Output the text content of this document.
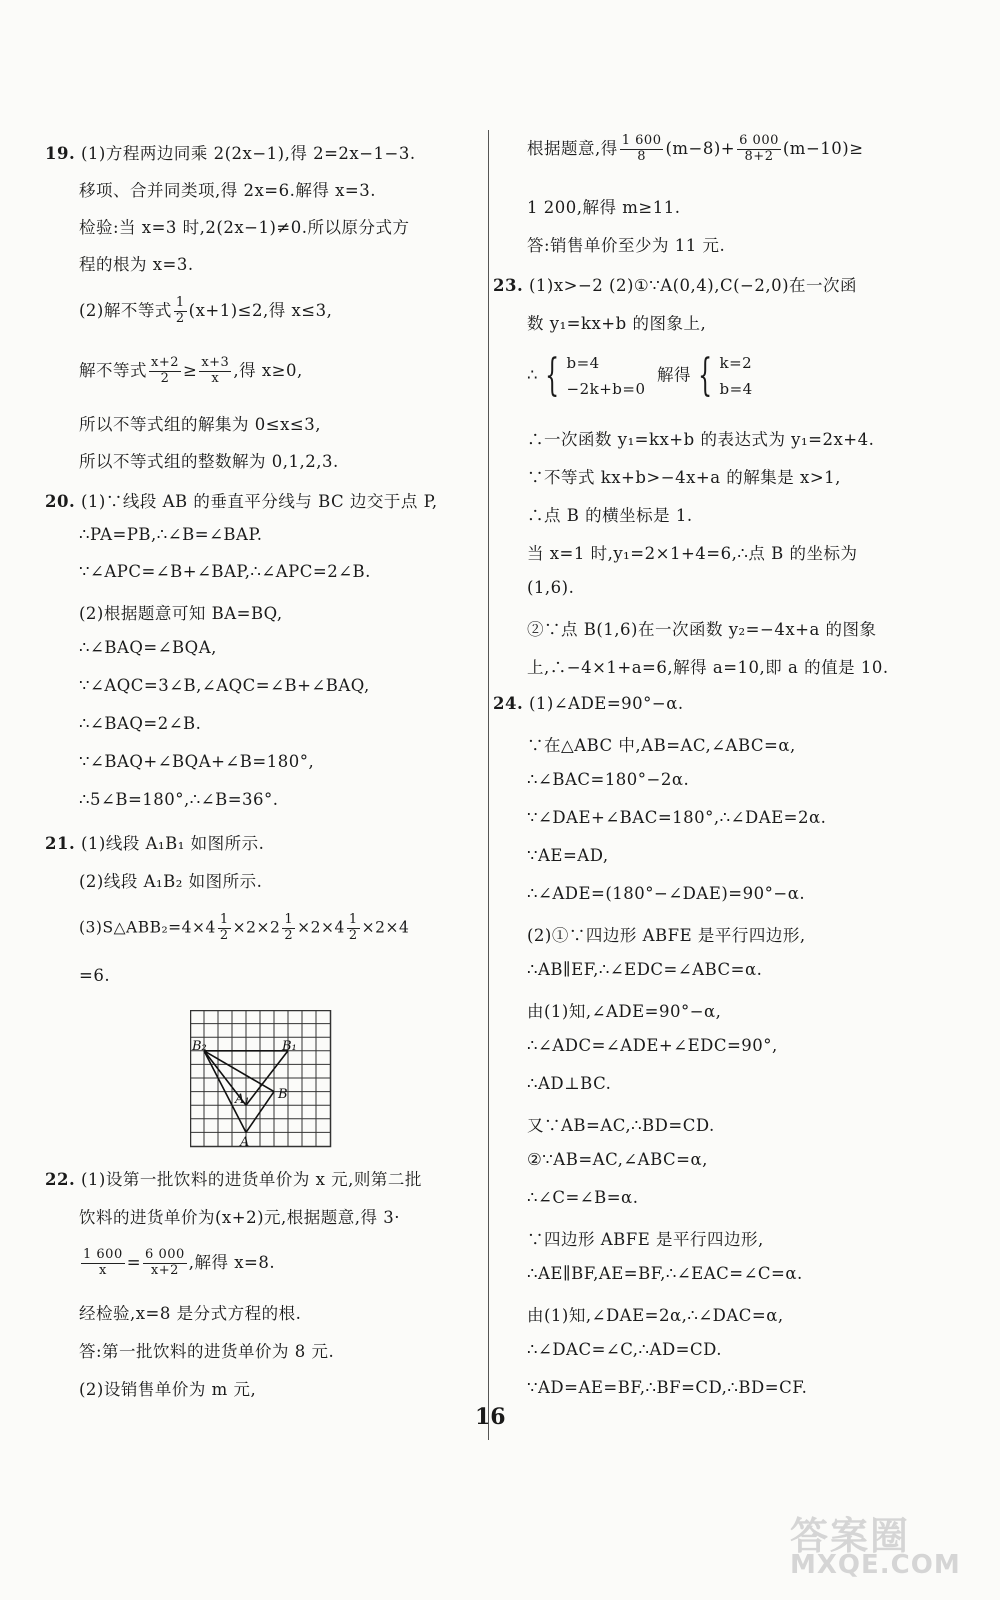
19. (1)方程两边同乘 2(2x−1),得 2=2x−1−3.
移项、合并同类项,得 2x=6.解得 x=3.
检验:当 x=3 时,2(2x−1)≠0.所以原分式方
程的根为 x=3.
(2)解不等式 $\frac{1}{2} (x+1)\le 2$,得 x≤3,
解不等式 $\frac{x+2}{2} \ge \frac{x+3}{x}$ ,得 x≥0,
所以不等式组的解集为 0≤x≤3,
所以不等式组的整数解为 0,1,2,3.
20. (1)∵线段 AB 的垂直平分线与 BC 边交于点 P,
∴PA=PB,∴∠B=∠BAP.
∵∠APC=∠B+∠BAP,∴∠APC=2∠B.
(2)根据题意可知 BA=BQ,
∴∠BAQ=∠BQA,
∵∠AQC=3∠B,∠AQC=∠B+∠BAQ,
∴∠BAQ=2∠B.
∵∠BAQ+∠BQA+∠B=180°,
∴5∠B=180°,∴∠B=36°.
21. (1)线段 A₁B₁ 如图所示.
(2)线段 A₁B₂ 如图所示.
(3)S△ABB₂=4×4 $\frac{1}{2} \times 2\times 2 \frac{1}{2} \times 2\times 4 \frac{1}{2} \times 2\times 4$
=6.
B₂	B₁
B
A₁
A
22. (1)设第一批饮料的进货单价为 x 元,则第二批
饮料的进货单价为(x+2)元,根据题意,得 3·
$\frac{1 600}{x} = \frac{6 000}{x+2}$ ,解得 x=8.
经检验,x=8 是分式方程的根.
答:第一批饮料的进货单价为 8 元.
(2)设销售单价为 m 元,
根据题意,得 $\frac{1 600}{8} (m-8)+ \frac{6 000}{8+2} (m-10)\ge$
1 200,解得 m≥11.
答:销售单价至少为 11 元.
23. (1)x>−2 (2)①∵A(0,4),C(−2,0)在一次函
数 y₁=kx+b 的图象上,
∴ { b=4
−2k+b=0  解得 { k=2
b=4
∴一次函数 y₁=kx+b 的表达式为 y₁=2x+4.
∵不等式 kx+b>−4x+a 的解集是 x>1,
∴点 B 的横坐标是 1.
当 x=1 时,y₁=2×1+4=6,∴点 B 的坐标为
(1,6).
②∵点 B(1,6)在一次函数 y₂=−4x+a 的图象
上,∴−4×1+a=6,解得 a=10,即 a 的值是 10.
24. (1)∠ADE=90°−α.
∵在△ABC 中,AB=AC,∠ABC=α,
∴∠BAC=180°−2α.
∵∠DAE+∠BAC=180°,∴∠DAE=2α.
∵AE=AD,
∴∠ADE=(180°−∠DAE)=90°−α.
(2)①∵四边形 ABFE 是平行四边形,
∴AB∥EF,∴∠EDC=∠ABC=α.
由(1)知,∠ADE=90°−α,
∴∠ADC=∠ADE+∠EDC=90°,
∴AD⊥BC.
又∵AB=AC,∴BD=CD.
②∵AB=AC,∠ABC=α,
∴∠C=∠B=α.
∵四边形 ABFE 是平行四边形,
∴AE∥BF,AE=BF,∴∠EAC=∠C=α.
由(1)知,∠DAE=2α,∴∠DAC=α,
∴∠DAC=∠C,∴AD=CD.
∵AD=AE=BF,∴BF=CD,∴BD=CF.
16
答案圈
MXQE.COM
